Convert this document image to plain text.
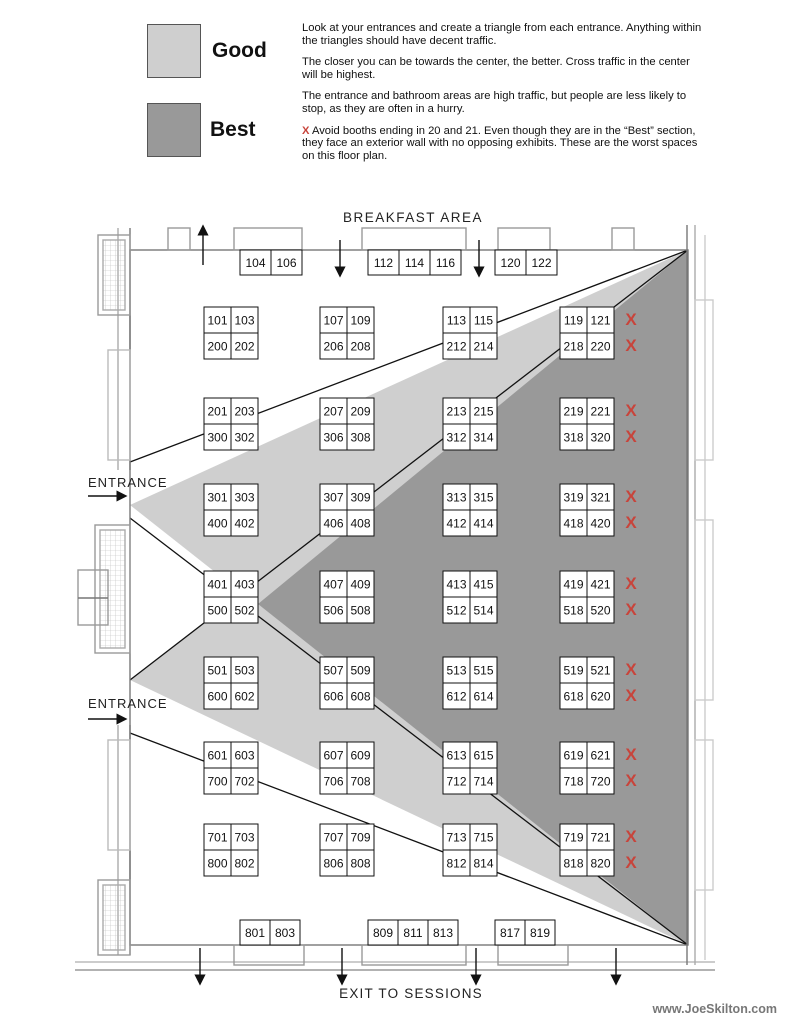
Good
Best

Look at your entrances and create a triangle from each entrance. Anything within the triangles should have decent traffic.

The closer you can be towards the center, the better. Cross traffic in the center will be highest.

The entrance and bathroom areas are high traffic, but people are less likely to stop, as they are often in a hurry.

X Avoid booths ending in 20 and 21. Even though they are in the “Best” section, they face an exterior wall with no opposing exhibits. These are the worst spaces on this floor plan.

BREAKFAST AREA
EXIT TO SESSIONS
ENTRANCE
ENTRANCE
101 103
200 202
201 203
300 302
301 303
400 402
401 403
500 502
501 503
600 602
601 603
700 702
701 703
800 802
107 109
206 208
207 209
306 308
307 309
406 408
407 409
506 508
507 509
606 608
607 609
706 708
707 709
806 808
113 115
212 214
213 215
312 314
313 315
412 414
413 415
512 514
513 515
612 614
613 615
712 714
713 715
812 814
119 121
218 220
219 221
318 320
319 321
418 420
419 421
518 520
519 521
618 620
619 621
718 720
719 721
818 820
104 106	112 114 116	120 122
801 803	809 811 813	817 819
X
X
X
X
X
X
X
X
X
X
X
X
X
X
www.JoeSkilton.com
